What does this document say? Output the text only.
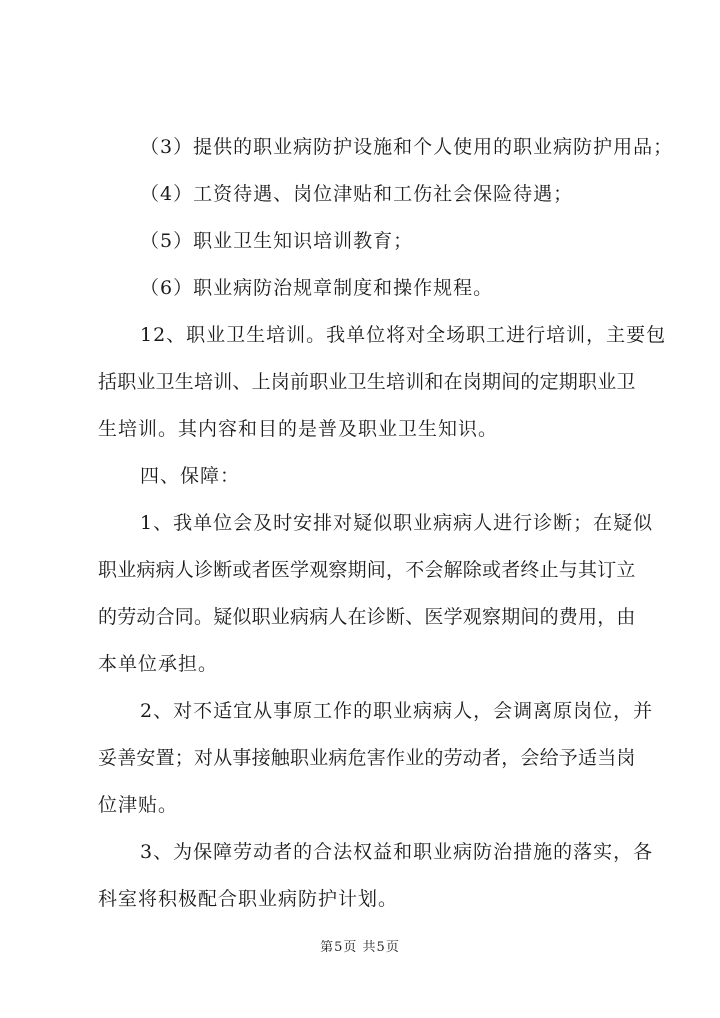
（3）提供的职业病防护设施和个人使用的职业病防护用品；
（4）工资待遇、岗位津贴和工伤社会保险待遇；
（5）职业卫生知识培训教育；
（6）职业病防治规章制度和操作规程。
12、职业卫生培训。我单位将对全场职工进行培训，主要包
括职业卫生培训、上岗前职业卫生培训和在岗期间的定期职业卫
生培训。其内容和目的是普及职业卫生知识。
四、保障：
1、我单位会及时安排对疑似职业病病人进行诊断；在疑似
职业病病人诊断或者医学观察期间，不会解除或者终止与其订立
的劳动合同。疑似职业病病人在诊断、医学观察期间的费用，由
本单位承担。
2、对不适宜从事原工作的职业病病人，会调离原岗位，并
妥善安置；对从事接触职业病危害作业的劳动者，会给予适当岗
位津贴。
3、为保障劳动者的合法权益和职业病防治措施的落实，各
科室将积极配合职业病防护计划。
第5页 共5页
